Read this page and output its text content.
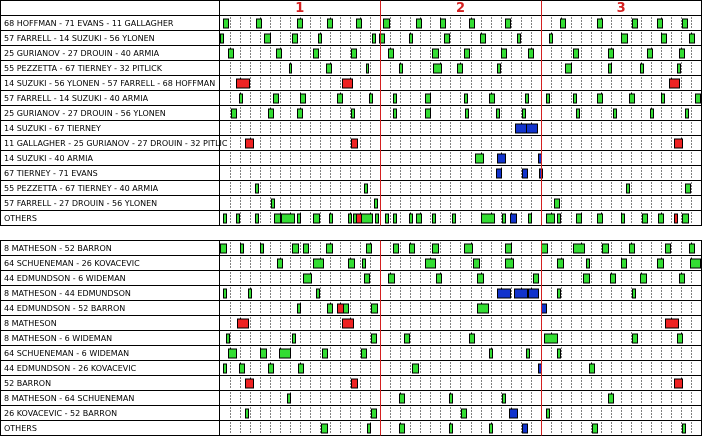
1	2	3
68 HOFFMAN - 71 EVANS - 11 GALLAGHER
57 FARRELL - 14 SUZUKI - 56 YLONEN
25 GURIANOV - 27 DROUIN - 40 ARMIA
55 PEZZETTA - 67 TIERNEY - 32 PITLICK
14 SUZUKI - 56 YLONEN - 57 FARRELL - 68 HOFFMAN
57 FARRELL - 14 SUZUKI - 40 ARMIA
25 GURIANOV - 27 DROUIN - 56 YLONEN
14 SUZUKI - 67 TIERNEY
11 GALLAGHER - 25 GURIANOV - 27 DROUIN - 32 PITLIC
14 SUZUKI - 40 ARMIA
67 TIERNEY - 71 EVANS
55 PEZZETTA - 67 TIERNEY - 40 ARMIA
57 FARRELL - 27 DROUIN - 56 YLONEN
OTHERS
8 MATHESON - 52 BARRON
64 SCHUENEMAN - 26 KOVACEVIC
44 EDMUNDSON - 6 WIDEMAN
8 MATHESON - 44 EDMUNDSON
44 EDMUNDSON - 52 BARRON
8 MATHESON
8 MATHESON - 6 WIDEMAN
64 SCHUENEMAN - 6 WIDEMAN
44 EDMUNDSON - 26 KOVACEVIC
52 BARRON
8 MATHESON - 64 SCHUENEMAN
26 KOVACEVIC - 52 BARRON
OTHERS
